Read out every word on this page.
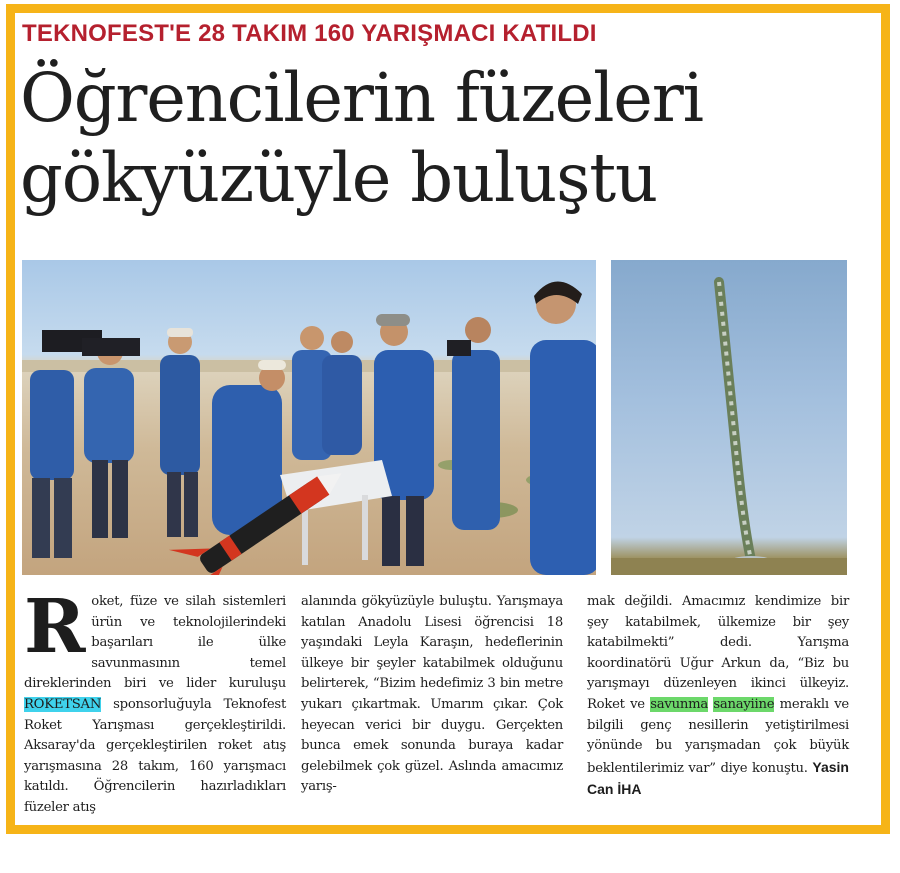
TEKNOFEST'E 28 TAKIM 160 YARIŞMACI KATILDI
Öğrencilerin füzeleri
gökyüzüyle buluştu
Roket, füze ve silah sistemleri ürün ve teknolojilerindeki başarıları ile ülke savunmasının temel direklerinden biri ve lider kuruluşu ROKETSAN sponsorluğuyla Teknofest Roket Yarışması gerçekleştirildi. Aksaray'da gerçekleştirilen roket atış yarışmasına 28 takım, 160 yarışmacı katıldı. Öğrencilerin hazırladıkları füzeler atış
alanında gökyüzüyle buluştu. Yarışmaya katılan Anadolu Lisesi öğrencisi 18 yaşındaki Leyla Karaşın, hedeflerinin ülkeye bir şeyler katabilmek olduğunu belirterek, “Bizim hedefimiz 3 bin metre yukarı çıkartmak. Umarım çıkar. Çok heyecan verici bir duygu. Gerçekten bunca emek sonunda buraya kadar gelebilmek çok güzel. Aslında amacımız yarış-
mak değildi. Amacımız kendimize bir şey katabilmek, ülkemize bir şey katabilmekti” dedi. Yarışma koordinatörü Uğur Arkun da, “Biz bu yarışmayı düzenleyen ikinci ülkeyiz. Roket ve savunma sanayiine meraklı ve bilgili genç nesillerin yetiştirilmesi yönünde bu yarışmadan çok büyük beklentilerimiz var” diye konuştu. Yasin Can İHA
